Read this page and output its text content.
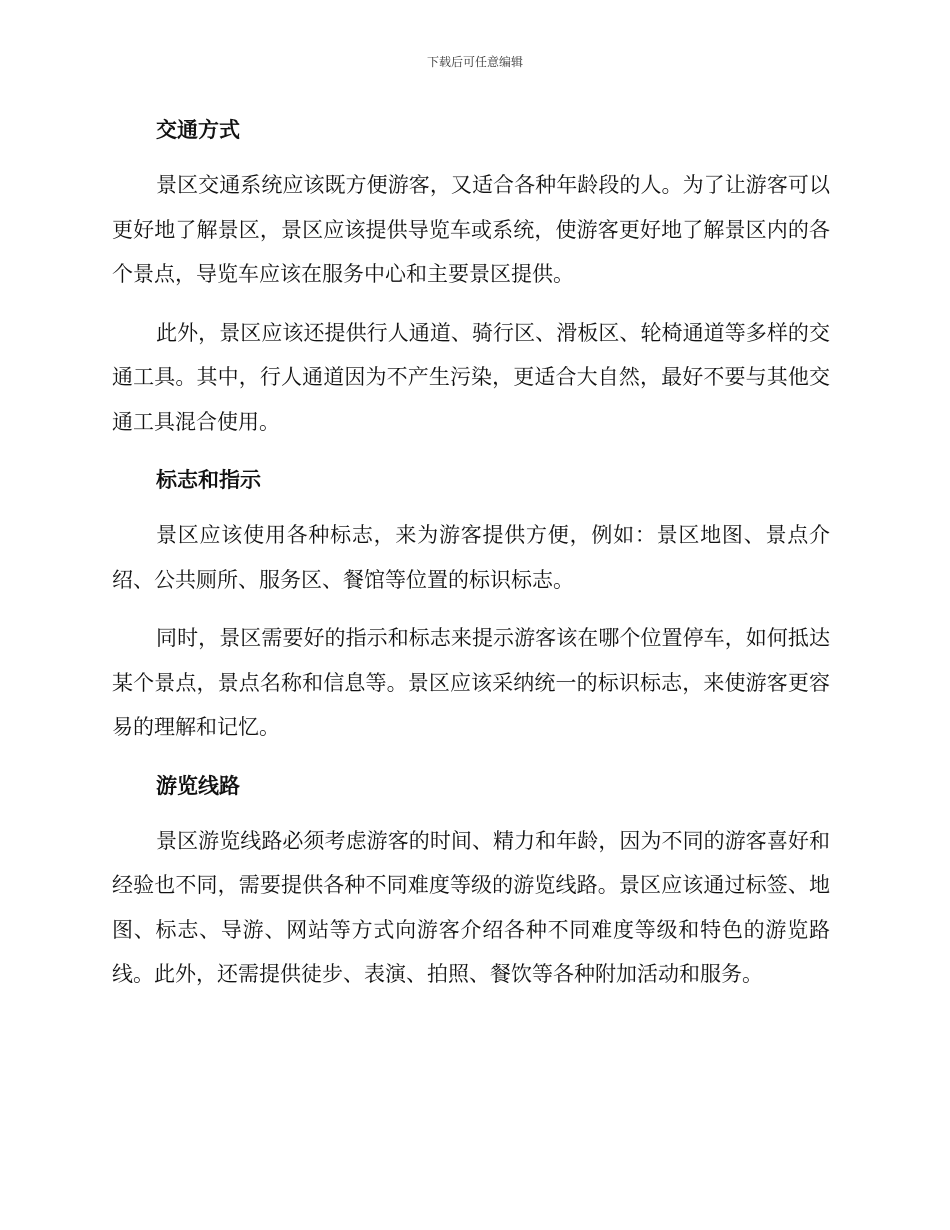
下载后可任意编辑
交通方式

景区交通系统应该既方便游客，又适合各种年龄段的人。为了让游客可以更好地了解景区，景区应该提供导览车或系统，使游客更好地了解景区内的各个景点，导览车应该在服务中心和主要景区提供。

此外，景区应该还提供行人通道、骑行区、滑板区、轮椅通道等多样的交通工具。其中，行人通道因为不产生污染，更适合大自然，最好不要与其他交通工具混合使用。

标志和指示

景区应该使用各种标志，来为游客提供方便，例如：景区地图、景点介绍、公共厕所、服务区、餐馆等位置的标识标志。

同时，景区需要好的指示和标志来提示游客该在哪个位置停车，如何抵达某个景点，景点名称和信息等。景区应该采纳统一的标识标志，来使游客更容易的理解和记忆。

游览线路

景区游览线路必须考虑游客的时间、精力和年龄，因为不同的游客喜好和经验也不同，需要提供各种不同难度等级的游览线路。景区应该通过标签、地图、标志、导游、网站等方式向游客介绍各种不同难度等级和特色的游览路线。此外，还需提供徒步、表演、拍照、餐饮等各种附加活动和服务。
